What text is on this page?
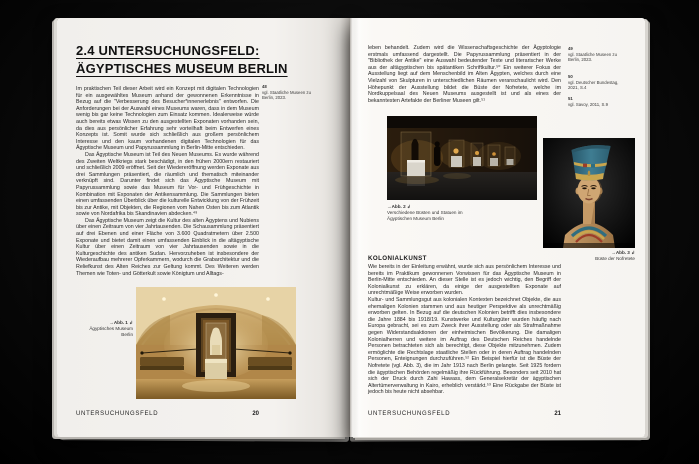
2.4 UNTERSUCHUNGSFELD:
ÄGYPTISCHES MUSEUM BERLIN
48
vgl. Staatliche Museen zu Berlin, 2023.

Im praktischen Teil dieser Arbeit wird ein Konzept mit digitalen Technologien für ein ausgewähltes Museum anhand der gewonnenen Erkenntnisse in Bezug auf die "Verbesserung des Besucher*innenerlebnis" entworfen. Die Anforderungen bei der Auswahl eines Museums waren, dass in dem Museum wenig bis gar keine Technologien zum Einsatz kommen. Idealerweise würde auch bereits etwas Wissen zu den ausgestellten Exponaten vorhanden sein, da dies aus persönlicher Erfahrung sehr vorteilhaft beim Entwerfen eines Konzepts ist. Somit wurde sich schließlich aus großem persönlichem Interesse und den kaum vorhandenen digitalen Technologien für das Ägyptische Museum und Papyrussammlung in Berlin-Mitte entschieden.

Das Ägyptische Museum ist Teil des Neuen Museums. Es wurde während des Zweiten Weltkriegs stark beschädigt, in den frühen 2000ern restauriert und schließlich 2009 eröffnet. Seit der Wiedereröffnung werden Exponate aus drei Sammlungen präsentiert, die räumlich und thematisch miteinander verknüpft sind. Darunter findet sich das Ägyptische Museum mit Papyrussammlung sowie das Museum für Vor- und Frühgeschichte in Kombination mit Exponaten der Antikensammlung. Die Sammlungen bieten einen umfassenden Überblick über die kulturelle Entwicklung von der Frühzeit bis zur Antike, mit Objekten, die Regionen vom Nahen Osten bis zum Atlantik sowie von Nordafrika bis Skandinavien abdecken.⁴⁹

Das Ägyptische Museum zeigt die Kultur des alten Ägyptens und Nubiens über einen Zeitraum von vier Jahrtausenden. Die Schausammlung präsentiert auf drei Ebenen und einer Fläche von 3.600 Quadratmetern über 2.500 Exponate und bietet damit einen umfassenden Einblick in die altägyptische Kultur über einen Zeitraum von vier Jahrtausenden sowie in die Kulturgeschichte des antiken Sudan. Hervorzuheben ist insbesondere der Wiederaufbau mehrerer Opferkammern, wodurch die Grabarchitektur und die Reliefkunst des Alten Reiches zur Geltung kommt. Des Weiteren werden Themen wie Toten- und Götterkult sowie Königtum und Alltags-

→Abb. 1 ↲
Ägyptisches Museum Berlin
UNTERSUCHUNGSFELD	20

leben behandelt. Zudem wird die Wissenschaftsgeschichte der Ägyptologie erstmals umfassend dargestellt. Die Papyrussammlung präsentiert in der "Bibliothek der Antike" eine Auswahl bedeutender Texte und literarischer Werke aus der altägyptischen bis spätantiken Schriftkultur.⁵⁰ Ein weiterer Fokus der Ausstellung liegt auf dem Menschenbild im Alten Ägypten, welches durch eine Vielzahl von Skulpturen in unterschiedlichen Räumen veranschaulicht wird. Den Höhepunkt der Ausstellung bildet die Büste der Nofretete, welche im Nordkuppelsaal des Neuen Museums ausgestellt ist und als eines der bekanntesten Artefakte der Berliner Museen gilt.⁵¹

49
vgl. Staatliche Museen zu Berlin, 2023.
50
vgl. Deutscher Bundestag, 2021, S.4
51
vgl. Savoy, 2011, S.9
→Abb. 2 ↲
Verschiedene Büsten und Statuen im Ägyptischen Museum Berlin
→Abb. 3 ↲
Büste der Nofretete
KOLONIALKUNST

Wie bereits in der Einleitung erwähnt, wurde sich aus persönlichem Interesse und bereits im Praktikum gewonnenen Vorwissen für das Ägyptische Museum in Berlin-Mitte entschieden. An dieser Stelle ist es jedoch wichtig, den Begriff der Kolonialkunst zu erklären, da einige der ausgestellten Exponate auf unrechtmäßige Weise erworben wurden.

Kultur- und Sammlungsgut aus kolonialen Kontexten bezeichnet Objekte, die aus ehemaligen Kolonien stammen und aus heutiger Perspektive als unrechtmäßig erworben gelten. In Bezug auf die deutschen Kolonien betrifft dies insbesondere die Jahre 1884 bis 1918/19. Kunstwerke und Kulturgüter wurden häufig nach Europa gebracht, sei es zum Zweck ihrer Ausstellung oder als Strafmaßnahme gegen Widerstandsaktionen der einheimischen Bevölkerung. Die damaligen Kolonialherren und weitere im Auftrag des Deutschen Reiches handelnde Personen betrachteten sich als berechtigt, diese Objekte mitzunehmen. Zudem ermöglichte die Rechtslage staatliche Stellen oder in deren Auftrag handelnden Personen, Enteignungen durchzuführen.⁵² Ein Beispiel hierfür ist die Büste der Nofretete (vgl. Abb. 3), die im Jahr 1913 nach Berlin gelangte. Seit 1925 fordern die ägyptischen Behörden regelmäßig ihre Rückführung. Besonders seit 2010 hat sich der Druck durch Zahi Hawass, dem Generalsekretär der ägyptischen Altertümerverwaltung in Kairo, erheblich verstärkt.⁵³ Eine Rückgabe der Büste ist jedoch bis heute nicht absehbar.

UNTERSUCHUNGSFELD	21
